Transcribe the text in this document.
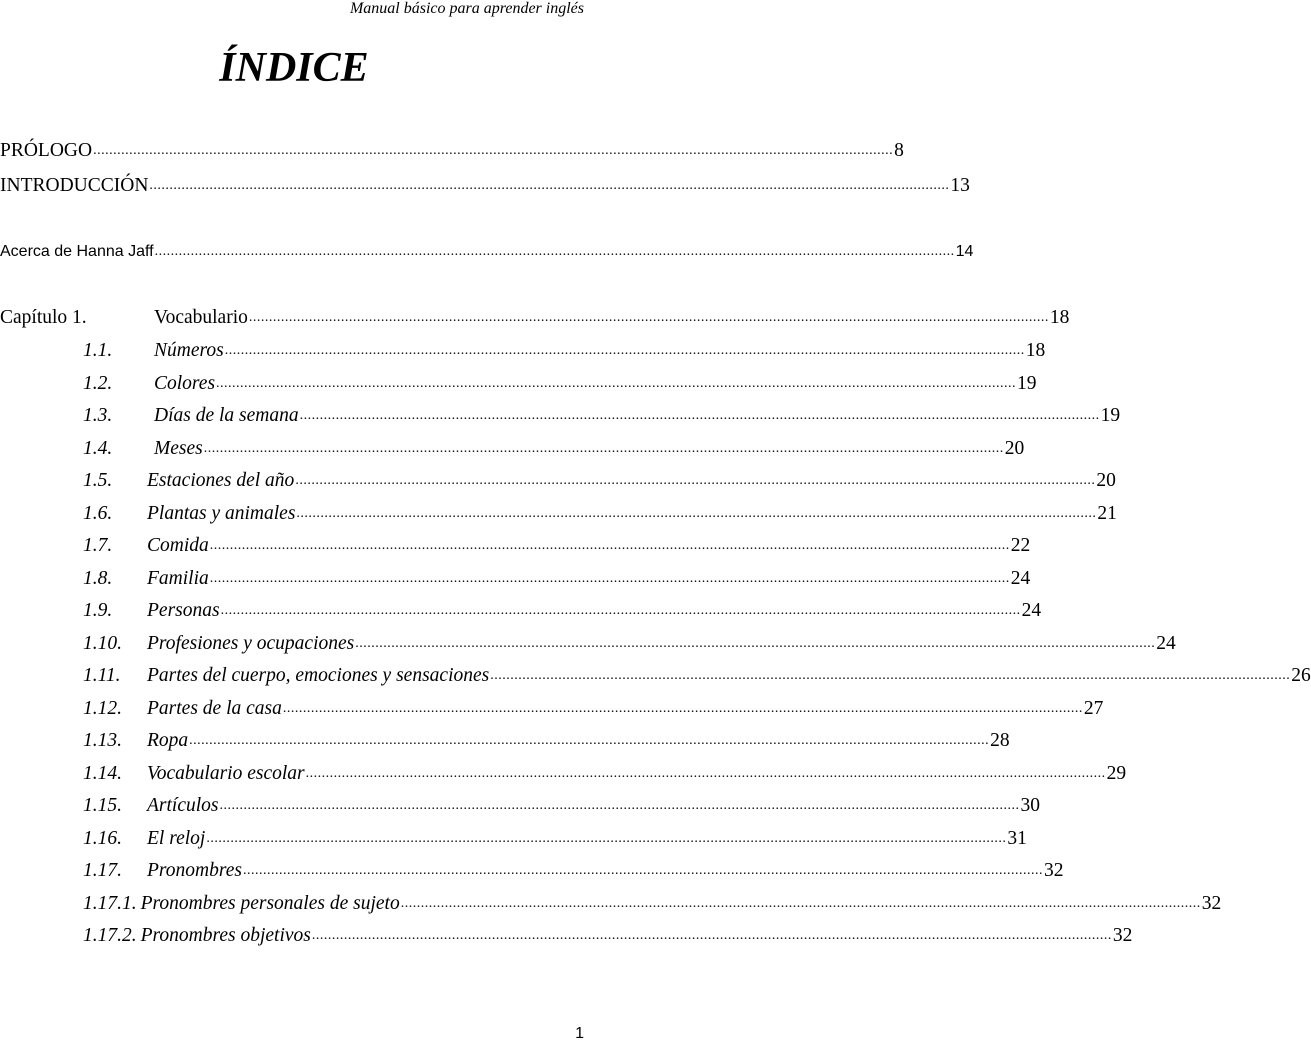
Manual básico para aprender inglés
ÍNDICE
PRÓLOGO ........................................................................................................................................................................................................ 8
INTRODUCCIÓN ........................................................................................................................................................................................................ 13
Acerca de Hanna Jaff ........................................................................................................................................................................................................ 14
Capítulo 1.	Vocabulario ........................................................................................................................................................................................................ 18
1.1. Números ........................................................................................................................................................................................................ 18
1.2. Colores ........................................................................................................................................................................................................ 19
1.3. Días de la semana ........................................................................................................................................................................................................ 19
1.4. Meses ........................................................................................................................................................................................................ 20
1.5. Estaciones del año ........................................................................................................................................................................................................ 20
1.6. Plantas y animales ........................................................................................................................................................................................................ 21
1.7. Comida ........................................................................................................................................................................................................ 22
1.8. Familia ........................................................................................................................................................................................................ 24
1.9. Personas ........................................................................................................................................................................................................ 24
1.10. Profesiones y ocupaciones ........................................................................................................................................................................................................ 24
1.11. Partes del cuerpo, emociones y sensaciones ........................................................................................................................................................................................................ 26
1.12. Partes de la casa ........................................................................................................................................................................................................ 27
1.13. Ropa ........................................................................................................................................................................................................ 28
1.14. Vocabulario escolar ........................................................................................................................................................................................................ 29
1.15. Artículos ........................................................................................................................................................................................................ 30
1.16. El reloj ........................................................................................................................................................................................................ 31
1.17. Pronombres ........................................................................................................................................................................................................ 32
1.17.1. Pronombres personales de sujeto ........................................................................................................................................................................................................ 32
1.17.2. Pronombres objetivos ........................................................................................................................................................................................................ 32
1
